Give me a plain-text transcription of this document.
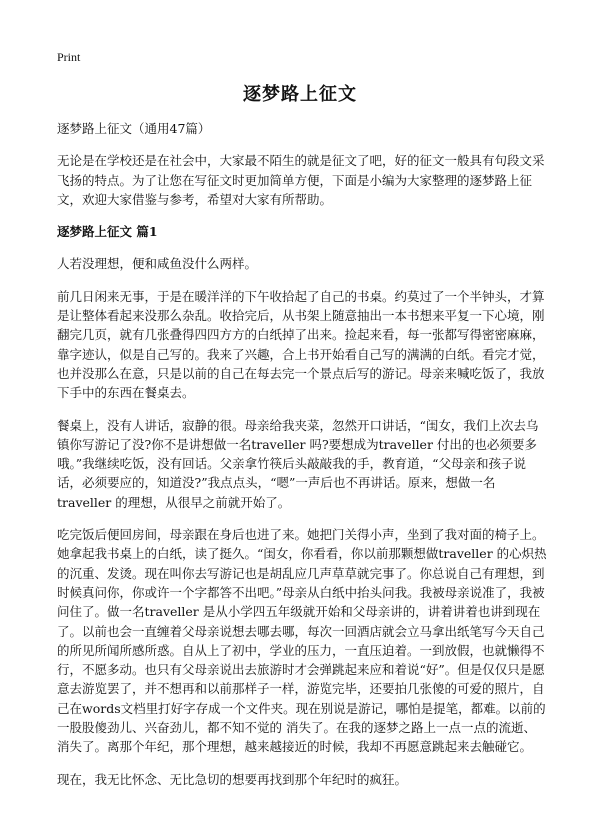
Print
逐梦路上征文

逐梦路上征文（通用47篇）

无论是在学校还是在社会中，大家最不陌生的就是征文了吧，好的征文一般具有句段文采飞扬的特点。为了让您在写征文时更加简单方便，下面是小编为大家整理的逐梦路上征文，欢迎大家借鉴与参考，希望对大家有所帮助。

逐梦路上征文 篇1

人若没理想，便和咸鱼没什么两样。

前几日闲来无事，于是在暖洋洋的下午收拾起了自己的书桌。约莫过了一个半钟头，才算是让整体看起来没那么杂乱。收拾完后，从书架上随意抽出一本书想来平复一下心境，刚翻完几页，就有几张叠得四四方方的白纸掉了出来。捡起来看，每一张都写得密密麻麻，靠字迹认，似是自己写的。我来了兴趣，合上书开始看自己写的满满的白纸。看完才觉，也并没那么在意，只是以前的自己在每去完一个景点后写的游记。母亲来喊吃饭了，我放下手中的东西在餐桌去。

餐桌上，没有人讲话，寂静的很。母亲给我夹菜，忽然开口讲话，“闺女，我们上次去乌镇你写游记了没?你不是讲想做一名traveller 吗?要想成为traveller 付出的也必须要多哦。”我继续吃饭，没有回话。父亲拿竹筷后头敲敲我的手，教育道，“父母亲和孩子说话，必须要应的，知道没?”我点点头，“嗯”一声后也不再讲话。原来，想做一名traveller 的理想，从很早之前就开始了。

吃完饭后便回房间，母亲跟在身后也进了来。她把门关得小声，坐到了我对面的椅子上。她拿起我书桌上的白纸，读了挺久。“闺女，你看看，你以前那颗想做traveller 的心炽热的沉重、发烫。现在叫你去写游记也是胡乱应几声草草就完事了。你总说自己有理想，到时候真问你，你或许一个字都答不出吧。”母亲从白纸中抬头问我。我被母亲说准了，我被问住了。做一名traveller 是从小学四五年级就开始和父母亲讲的，讲着讲着也讲到现在了。以前也会一直缠着父母亲说想去哪去哪，每次一回酒店就会立马拿出纸笔写今天自己的所见所闻所感所惑。自从上了初中，学业的压力，一直压迫着。一到放假，也就懒得不行，不愿多动。也只有父母亲说出去旅游时才会弹跳起来应和着说“好”。但是仅仅只是愿意去游览罢了，并不想再和以前那样子一样，游览完毕，还要拍几张傻的可爱的照片，自己在words文档里打好字存成一个文件夹。现在别说是游记，哪怕是提笔，都难。以前的一股股傻劲儿、兴奋劲儿，都不知不觉的 消失了。在我的逐梦之路上一点一点的流逝、消失了。离那个年纪，那个理想，越来越接近的时候，我却不再愿意跳起来去触碰它。

现在，我无比怀念、无比急切的想要再找到那个年纪时的疯狂。
